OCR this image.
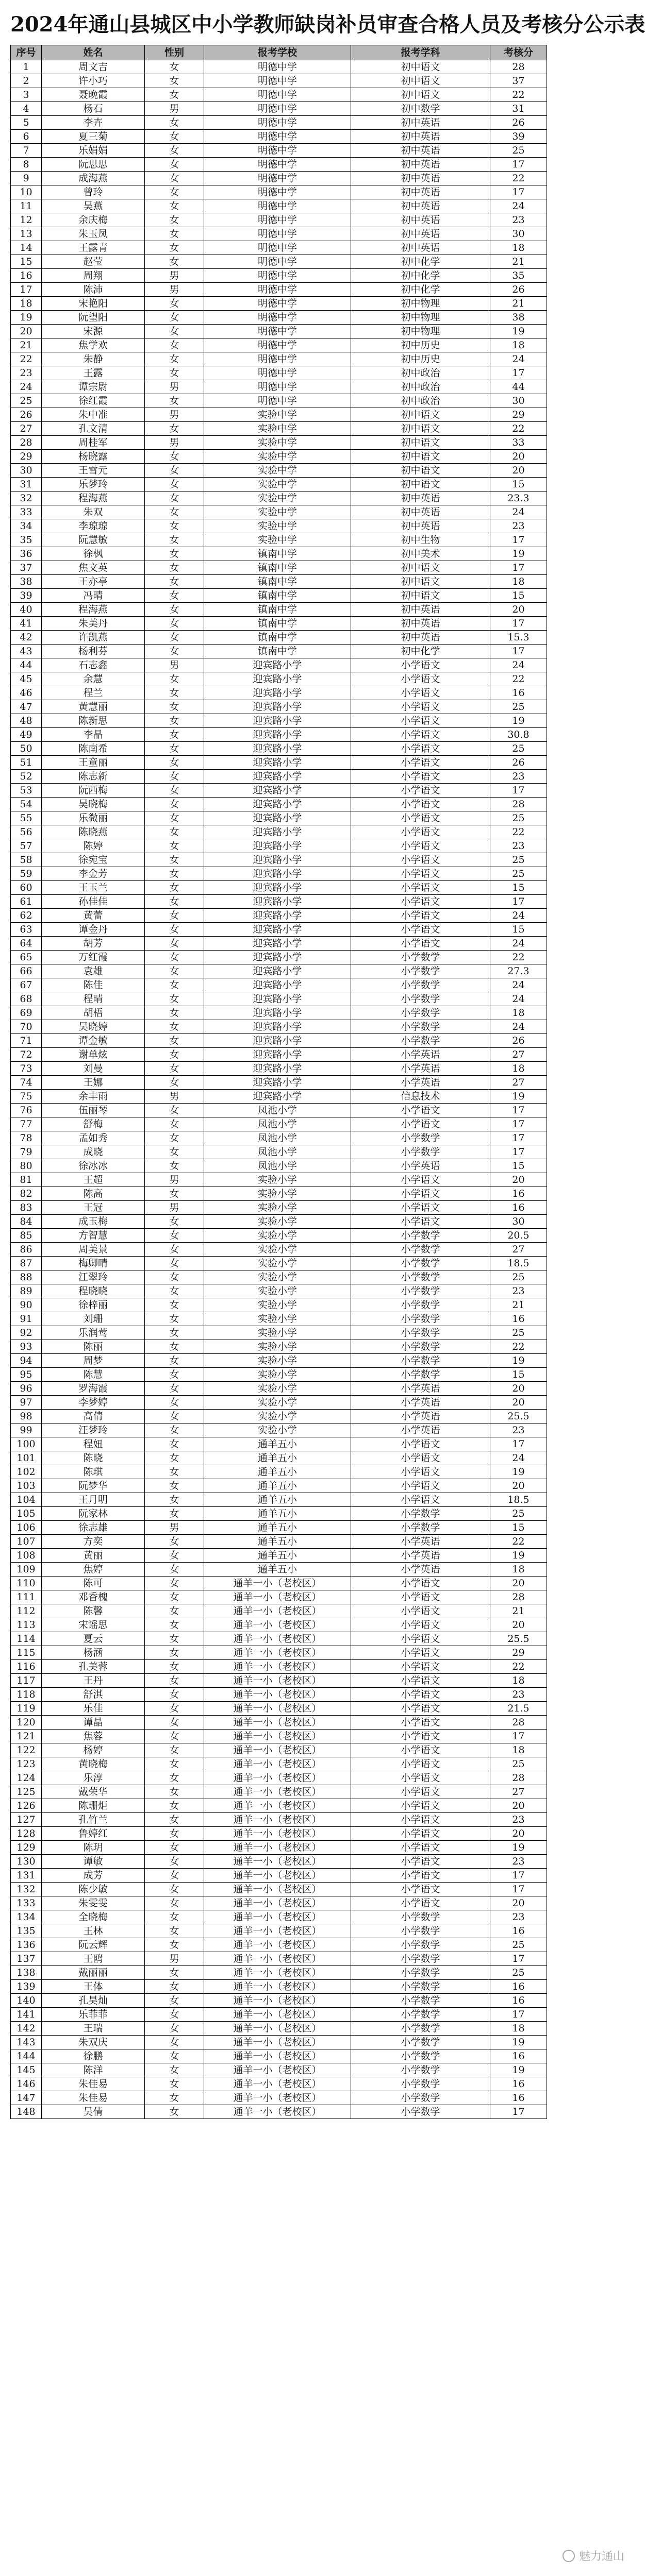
2024年通山县城区中小学教师缺岗补员审查合格人员及考核分公示表
序号	姓名	性别	报考学校	报考学科	考核分
1	周文吉	女	明德中学	初中语文	28
2	许小巧	女	明德中学	初中语文	37
3	聂晚霞	女	明德中学	初中语文	22
4	杨石	男	明德中学	初中数学	31
5	李卉	女	明德中学	初中英语	26
6	夏三菊	女	明德中学	初中英语	39
7	乐娟娟	女	明德中学	初中英语	25
8	阮思思	女	明德中学	初中英语	17
9	成海燕	女	明德中学	初中英语	22
10	曾玲	女	明德中学	初中英语	17
11	吴燕	女	明德中学	初中英语	24
12	余庆梅	女	明德中学	初中英语	23
13	朱玉凤	女	明德中学	初中英语	30
14	王露青	女	明德中学	初中英语	18
15	赵莹	女	明德中学	初中化学	21
16	周翔	男	明德中学	初中化学	35
17	陈沛	男	明德中学	初中化学	26
18	宋艳阳	女	明德中学	初中物理	21
19	阮望阳	女	明德中学	初中物理	38
20	宋源	女	明德中学	初中物理	19
21	焦学欢	女	明德中学	初中历史	18
22	朱静	女	明德中学	初中历史	24
23	王露	女	明德中学	初中政治	17
24	谭宗尉	男	明德中学	初中政治	44
25	徐红霞	女	明德中学	初中政治	30
26	朱中准	男	实验中学	初中语文	29
27	孔文清	女	实验中学	初中语文	22
28	周桂军	男	实验中学	初中语文	33
29	杨晓露	女	实验中学	初中语文	20
30	王雪元	女	实验中学	初中语文	20
31	乐梦玲	女	实验中学	初中语文	15
32	程海燕	女	实验中学	初中英语	23.3
33	朱双	女	实验中学	初中英语	24
34	李琼琼	女	实验中学	初中英语	23
35	阮慧敏	女	实验中学	初中生物	17
36	徐枫	女	镇南中学	初中美术	19
37	焦文英	女	镇南中学	初中语文	17
38	王亦亭	女	镇南中学	初中语文	18
39	冯晴	女	镇南中学	初中语文	15
40	程海燕	女	镇南中学	初中英语	20
41	朱美丹	女	镇南中学	初中英语	17
42	许凯燕	女	镇南中学	初中英语	15.3
43	杨利芬	女	镇南中学	初中化学	17
44	石志鑫	男	迎宾路小学	小学语文	24
45	余慧	女	迎宾路小学	小学语文	22
46	程兰	女	迎宾路小学	小学语文	16
47	黄慧丽	女	迎宾路小学	小学语文	25
48	陈新思	女	迎宾路小学	小学语文	19
49	李晶	女	迎宾路小学	小学语文	30.8
50	陈南希	女	迎宾路小学	小学语文	25
51	王童丽	女	迎宾路小学	小学语文	26
52	陈志新	女	迎宾路小学	小学语文	23
53	阮西梅	女	迎宾路小学	小学语文	17
54	吴晓梅	女	迎宾路小学	小学语文	28
55	乐微丽	女	迎宾路小学	小学语文	25
56	陈晓燕	女	迎宾路小学	小学语文	22
57	陈婷	女	迎宾路小学	小学语文	23
58	徐宛宝	女	迎宾路小学	小学语文	25
59	李金芳	女	迎宾路小学	小学语文	25
60	王玉兰	女	迎宾路小学	小学语文	15
61	孙佳佳	女	迎宾路小学	小学语文	17
62	黄蕾	女	迎宾路小学	小学语文	24
63	谭金丹	女	迎宾路小学	小学语文	15
64	胡芳	女	迎宾路小学	小学语文	24
65	万红霞	女	迎宾路小学	小学数学	22
66	袁雄	女	迎宾路小学	小学数学	27.3
67	陈佳	女	迎宾路小学	小学数学	24
68	程晴	女	迎宾路小学	小学数学	24
69	胡梧	女	迎宾路小学	小学数学	18
70	吴晓婷	女	迎宾路小学	小学数学	24
71	谭金敏	女	迎宾路小学	小学数学	26
72	谢单炫	女	迎宾路小学	小学英语	27
73	刘曼	女	迎宾路小学	小学英语	18
74	王娜	女	迎宾路小学	小学英语	27
75	余丰雨	男	迎宾路小学	信息技术	19
76	伍丽琴	女	凤池小学	小学语文	17
77	舒梅	女	凤池小学	小学语文	17
78	孟如秀	女	凤池小学	小学数学	17
79	成晓	女	凤池小学	小学数学	17
80	徐冰冰	女	凤池小学	小学英语	15
81	王超	男	实验小学	小学语文	20
82	陈高	女	实验小学	小学语文	16
83	王冠	男	实验小学	小学语文	16
84	成玉梅	女	实验小学	小学语文	30
85	方智慧	女	实验小学	小学数学	20.5
86	周美景	女	实验小学	小学数学	27
87	梅卿晴	女	实验小学	小学数学	18.5
88	江翠玲	女	实验小学	小学数学	25
89	程晓晓	女	实验小学	小学数学	23
90	徐梓丽	女	实验小学	小学数学	21
91	刘珊	女	实验小学	小学数学	16
92	乐润莺	女	实验小学	小学数学	25
93	陈丽	女	实验小学	小学数学	22
94	周梦	女	实验小学	小学数学	19
95	陈慧	女	实验小学	小学数学	15
96	罗海霞	女	实验小学	小学英语	20
97	李梦婷	女	实验小学	小学英语	20
98	高倩	女	实验小学	小学英语	25.5
99	汪梦玲	女	实验小学	小学英语	23
100	程妞	女	通羊五小	小学语文	17
101	陈晓	女	通羊五小	小学语文	24
102	陈琪	女	通羊五小	小学语文	19
103	阮梦华	女	通羊五小	小学语文	20
104	王月明	女	通羊五小	小学语文	18.5
105	阮家林	女	通羊五小	小学数学	25
106	徐志雄	男	通羊五小	小学数学	15
107	方奕	女	通羊五小	小学英语	22
108	黄丽	女	通羊五小	小学英语	19
109	焦婷	女	通羊五小	小学英语	18
110	陈可	女	通羊一小（老校区）	小学语文	20
111	邓香槐	女	通羊一小（老校区）	小学语文	28
112	陈馨	女	通羊一小（老校区）	小学语文	21
113	宋谣思	女	通羊一小（老校区）	小学语文	20
114	夏云	女	通羊一小（老校区）	小学语文	25.5
115	杨涵	女	通羊一小（老校区）	小学语文	29
116	孔美蓉	女	通羊一小（老校区）	小学语文	22
117	王丹	女	通羊一小（老校区）	小学语文	18
118	舒淇	女	通羊一小（老校区）	小学语文	23
119	乐佳	女	通羊一小（老校区）	小学语文	21.5
120	谭晶	女	通羊一小（老校区）	小学语文	28
121	焦蓉	女	通羊一小（老校区）	小学语文	17
122	杨婷	女	通羊一小（老校区）	小学语文	18
123	黄晓梅	女	通羊一小（老校区）	小学语文	25
124	乐淳	女	通羊一小（老校区）	小学语文	28
125	戴荣华	女	通羊一小（老校区）	小学语文	27
126	陈珊炬	女	通羊一小（老校区）	小学语文	20
127	孔竹兰	女	通羊一小（老校区）	小学语文	23
128	鲁婷红	女	通羊一小（老校区）	小学语文	20
129	陈玥	女	通羊一小（老校区）	小学语文	19
130	谭敏	女	通羊一小（老校区）	小学语文	23
131	成芳	女	通羊一小（老校区）	小学语文	17
132	陈少敏	女	通羊一小（老校区）	小学语文	17
133	朱雯雯	女	通羊一小（老校区）	小学语文	20
134	全晓梅	女	通羊一小（老校区）	小学数学	23
135	王林	女	通羊一小（老校区）	小学数学	16
136	阮云辉	女	通羊一小（老校区）	小学数学	25
137	王鸥	男	通羊一小（老校区）	小学数学	17
138	戴丽丽	女	通羊一小（老校区）	小学数学	25
139	王体	女	通羊一小（老校区）	小学数学	16
140	孔昊灿	女	通羊一小（老校区）	小学数学	16
141	乐菲菲	女	通羊一小（老校区）	小学数学	17
142	王瑞	女	通羊一小（老校区）	小学数学	18
143	朱双庆	女	通羊一小（老校区）	小学数学	19
144	徐鹏	女	通羊一小（老校区）	小学数学	16
145	陈洋	女	通羊一小（老校区）	小学数学	19
146	朱佳易	女	通羊一小（老校区）	小学数学	16
147	朱佳易	女	通羊一小（老校区）	小学数学	16
148	吴倩	女	通羊一小（老校区）	小学数学	17
魅力通山
